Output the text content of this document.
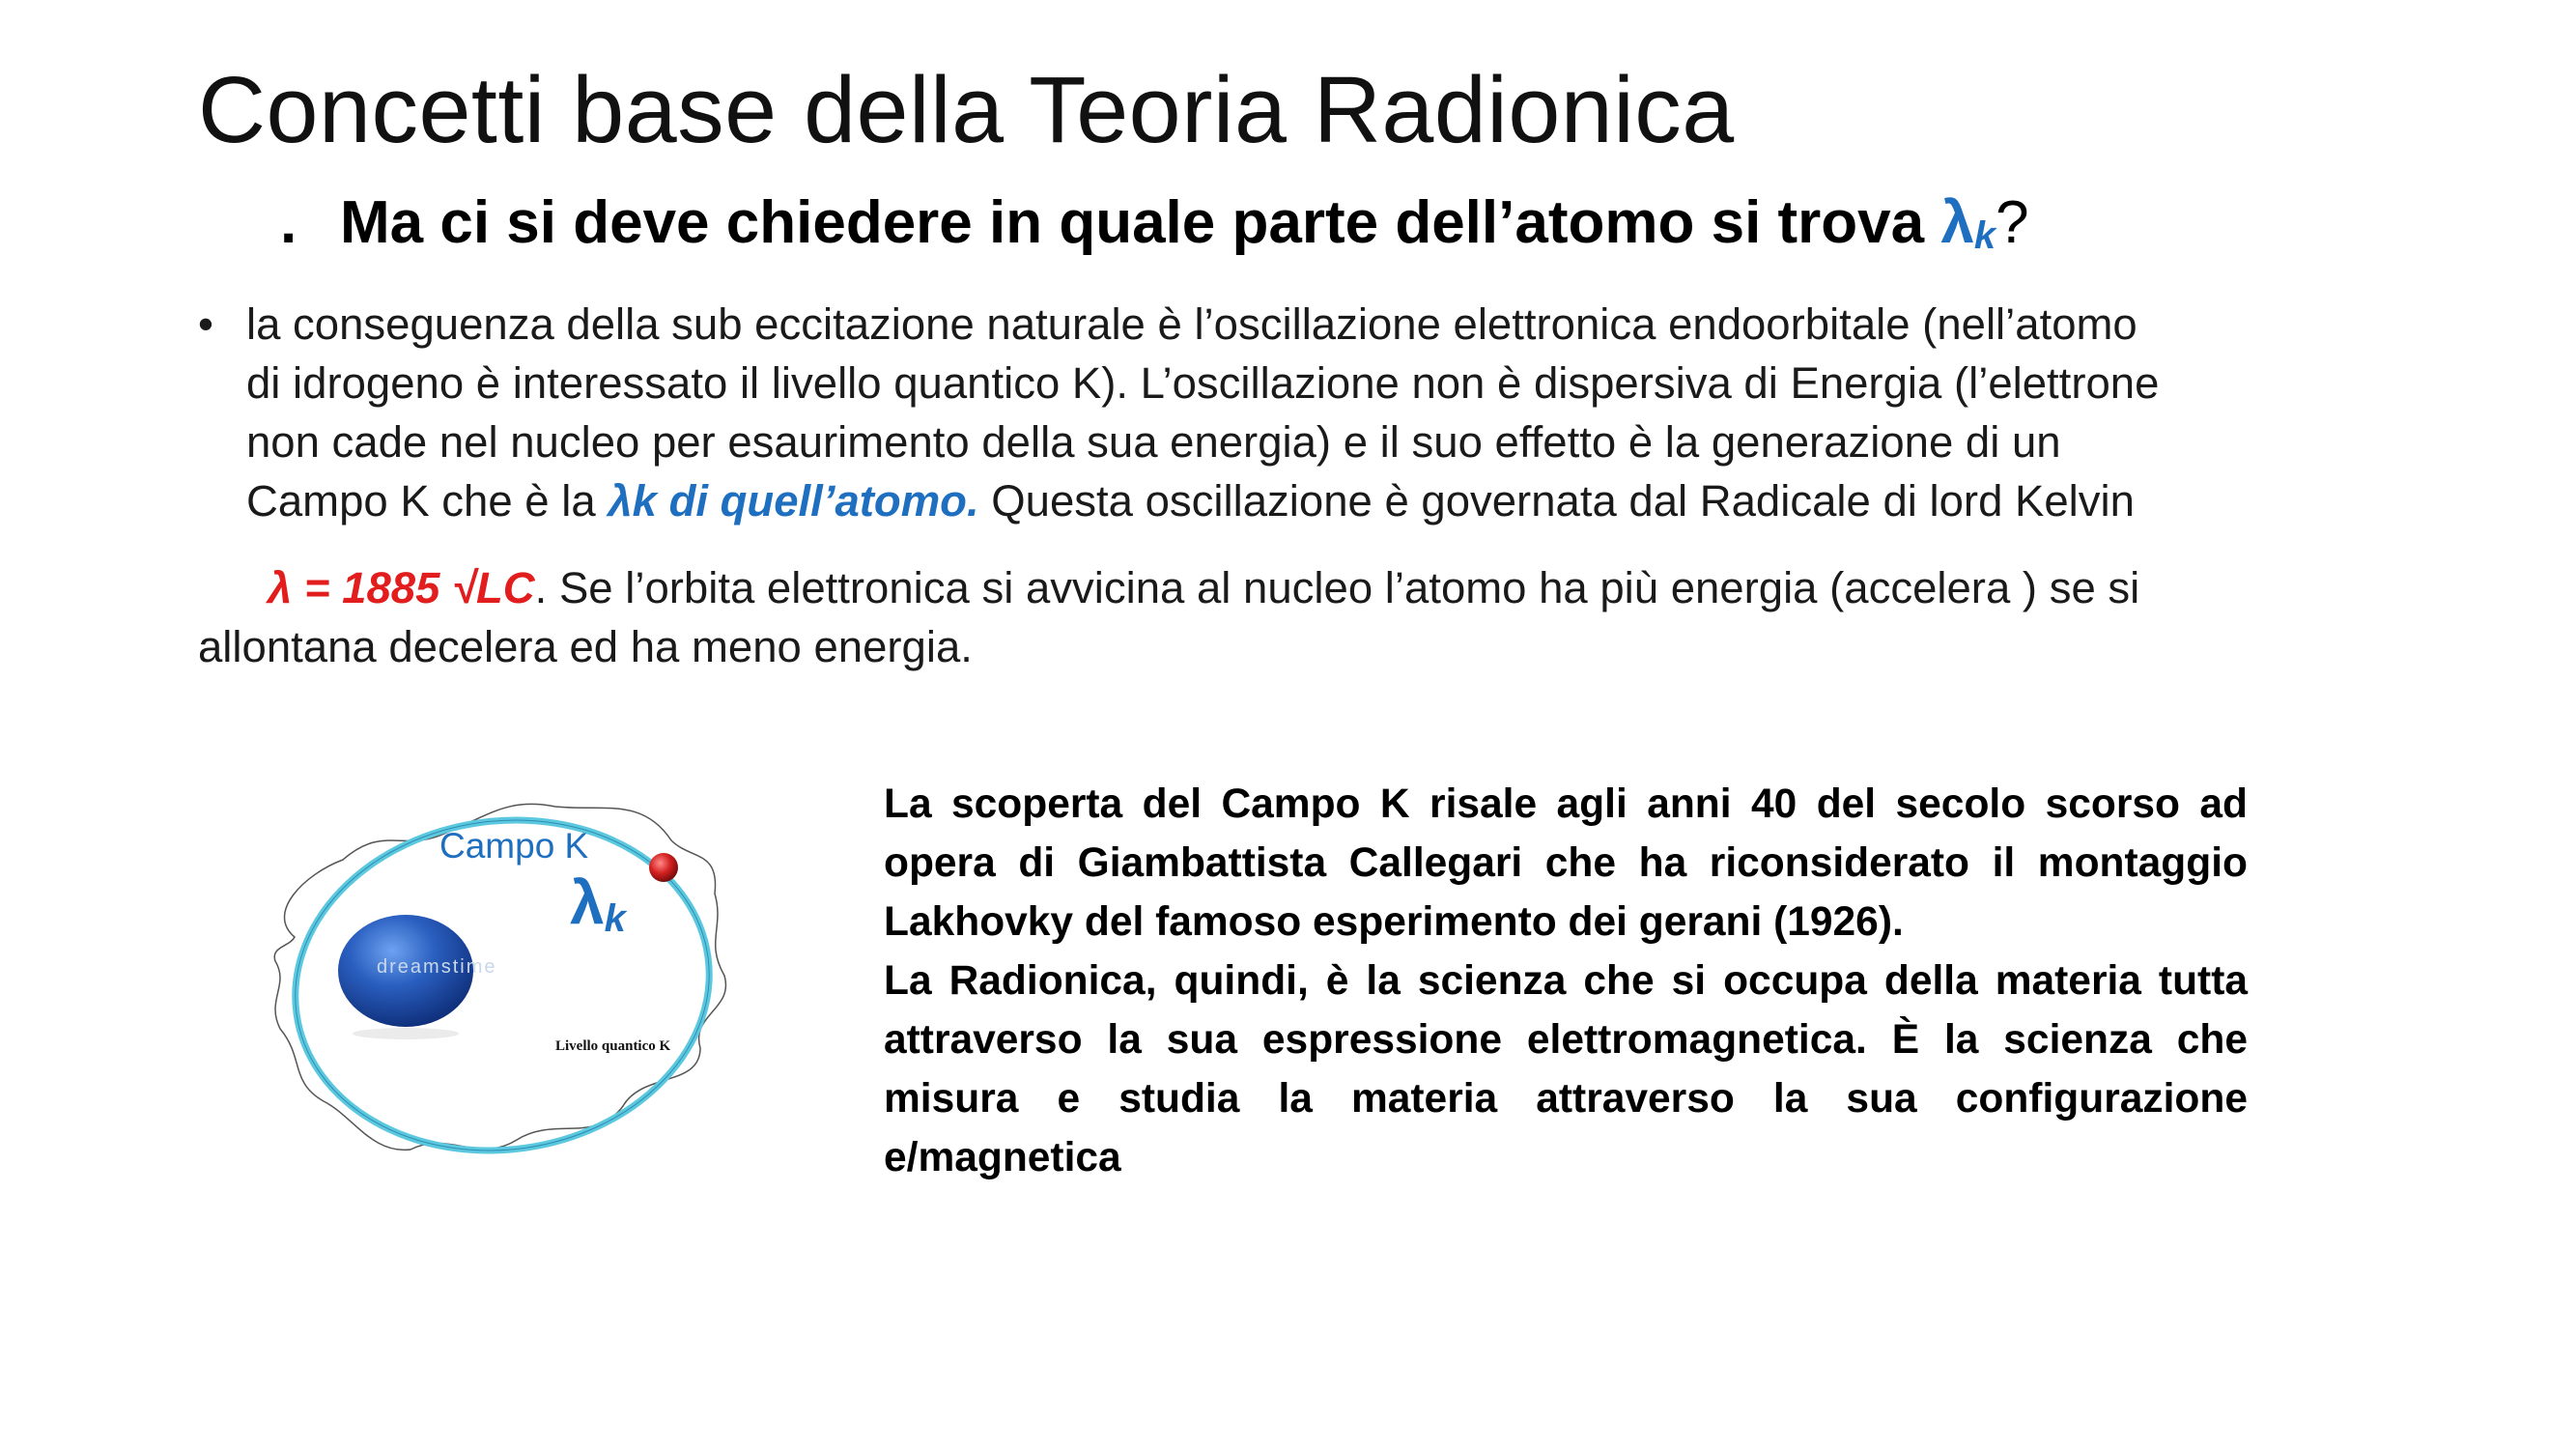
Concetti base della Teoria Radionica
. Ma ci si deve chiedere in quale parte dell’atomo si trova $\lambda_k$?
• la conseguenza della sub eccitazione naturale è l’oscillazione elettronica endoorbitale (nell’atomo
di idrogeno è interessato il livello quantico K). L’oscillazione non è dispersiva di Energia (l’elettrone
non cade nel nucleo per esaurimento della sua energia) e il suo effetto è la generazione di un
Campo K che è la λk di quell’atomo. Questa oscillazione è governata dal Radicale di lord Kelvin
λ = 1885 √LC. Se l’orbita elettronica si avvicina al nucleo l’atomo ha più energia (accelera ) se si
allontana decelera ed ha meno energia.
dreamstime
Campo K
$\lambda_k$
Livello quantico K
La scoperta del Campo K risale agli anni 40 del secolo scorso ad
opera di Giambattista Callegari che ha riconsiderato il montaggio
Lakhovky del famoso esperimento dei gerani (1926).
La Radionica, quindi, è la scienza che si occupa della materia tutta
attraverso la sua espressione elettromagnetica. È la scienza che
misura e studia la materia attraverso la sua configurazione
e/magnetica
